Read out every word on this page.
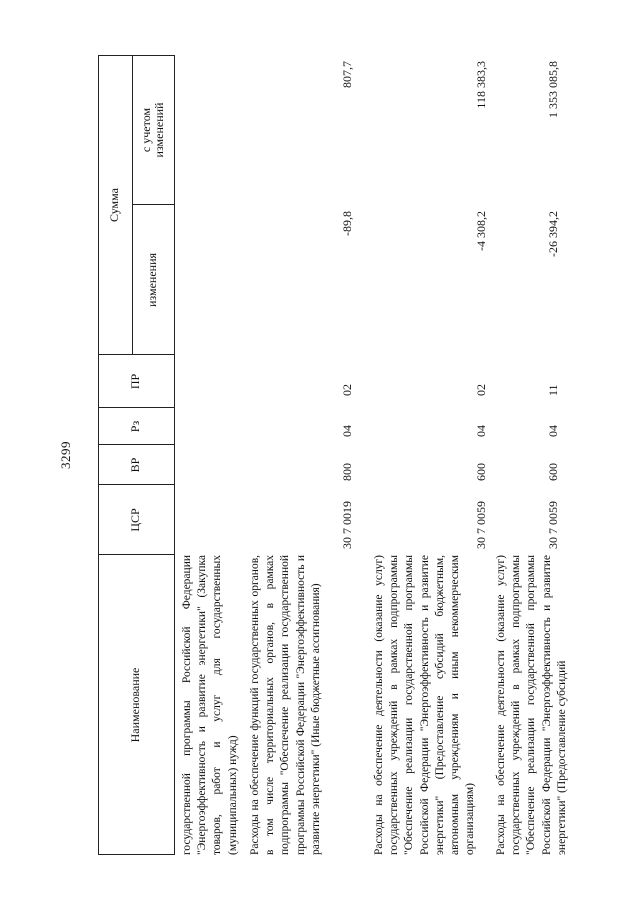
3299
Наименование
ЦСР
ВР
Рз
ПР
Сумма
изменения
с учетом изменений
государственной программы Российской Федерации "Энергоэффективность и развитие энергетики" (Закупка товаров, работ и услуг для государственных (муниципальных) нужд) Расходы на обеспечение функций государственных органов, в том числе территориальных органов, в рамках подпрограммы "Обеспечение реализации государственной программы Российской Федерации "Энергоэффективность и развитие энергетики" (Иные бюджетные ассигнования)
30 7 0019
800
04
02
-89,8
807,7
Расходы на обеспечение деятельности (оказание услуг) государственных учреждений в рамках подпрограммы "Обеспечение реализации государственной программы Российской Федерации "Энергоэффективность и развитие энергетики" (Предоставление субсидий бюджетным, автономным учреждениям и иным некоммерческим организациям)
30 7 0059
600
04
02
-4 308,2
118 383,3
Расходы на обеспечение деятельности (оказание услуг) государственных учреждений в рамках подпрограммы "Обеспечение реализации государственной программы Российской Федерации "Энергоэффективность и развитие энергетики" (Предоставление субсидий
30 7 0059
600
04
11
-26 394,2
1 353 085,8
